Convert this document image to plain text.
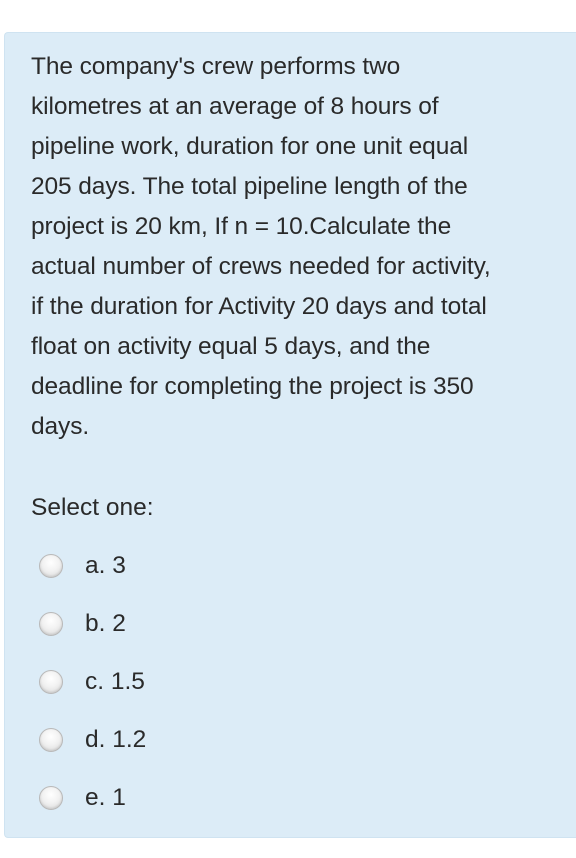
The company's crew performs two
kilometres at an average of 8 hours of
pipeline work, duration for one unit equal
205 days. The total pipeline length of the
project is 20 km, If n = 10.Calculate the
actual number of crews needed for activity,
if the duration for Activity 20 days and total
float on activity equal 5 days, and the
deadline for completing the project is 350
days.

Select one:

a. 3
b. 2
c. 1.5
d. 1.2
e. 1
